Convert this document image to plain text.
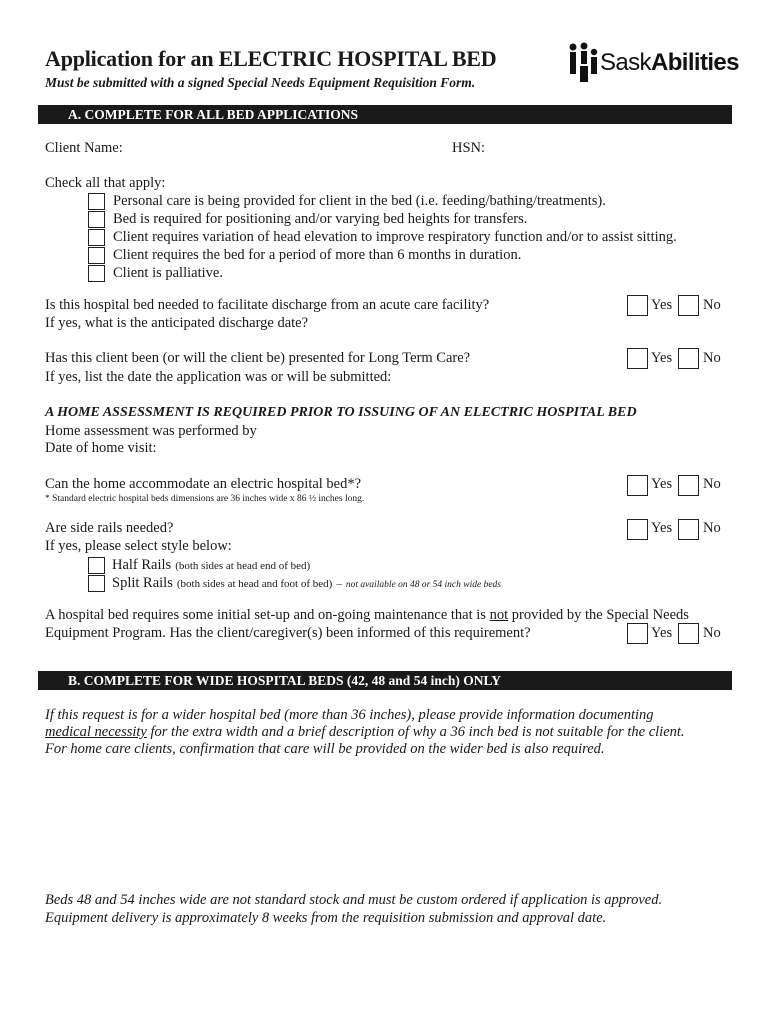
Application for an ELECTRIC HOSPITAL BED
Must be submitted with a signed Special Needs Equipment Requisition Form.
SaskAbilities
A. COMPLETE FOR ALL BED APPLICATIONS
Client Name:	HSN:
Check all that apply:
Personal care is being provided for client in the bed (i.e. feeding/bathing/treatments).
Bed is required for positioning and/or varying bed heights for transfers.
Client requires variation of head elevation to improve respiratory function and/or to assist sitting.
Client requires the bed for a period of more than 6 months in duration.
Client is palliative.
Is this hospital bed needed to facilitate discharge from an acute care facility?
If yes, what is the anticipated discharge date?
Yes No
Has this client been (or will the client be) presented for Long Term Care?
If yes, list the date the application was or will be submitted:
Yes No
A HOME ASSESSMENT IS REQUIRED PRIOR TO ISSUING OF AN ELECTRIC HOSPITAL BED
Home assessment was performed by
Date of home visit:
Can the home accommodate an electric hospital bed*?
* Standard electric hospital beds dimensions are 36 inches wide x 86 ½ inches long.
Yes No
Are side rails needed?
If yes, please select style below:
Yes No
Half Rails (both sides at head end of bed)
Split Rails (both sides at head and foot of bed) – not available on 48 or 54 inch wide beds
A hospital bed requires some initial set-up and on-going maintenance that is not provided by the Special Needs
Equipment Program. Has the client/caregiver(s) been informed of this requirement?	Yes No
B. COMPLETE FOR WIDE HOSPITAL BEDS (42, 48 and 54 inch) ONLY
If this request is for a wider hospital bed (more than 36 inches), please provide information documenting
medical necessity for the extra width and a brief description of why a 36 inch bed is not suitable for the client.
For home care clients, confirmation that care will be provided on the wider bed is also required.
Beds 48 and 54 inches wide are not standard stock and must be custom ordered if application is approved.
Equipment delivery is approximately 8 weeks from the requisition submission and approval date.
